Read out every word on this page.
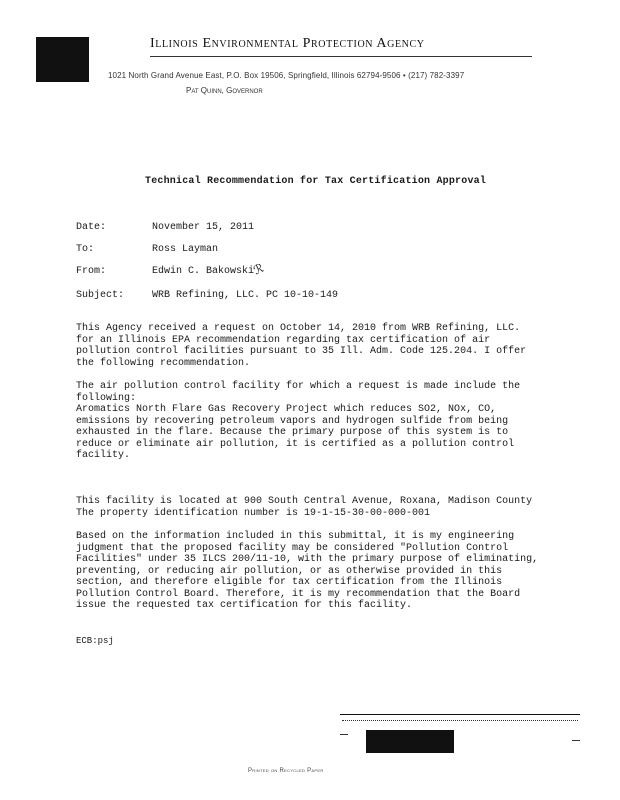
Illinois Environmental Protection Agency
1021 North Grand Avenue East, P.O. Box 19506, Springfield, Illinois 62794-9506 • (217) 782-3397
Pat Quinn, Governor
Technical Recommendation for Tax Certification Approval
Date:	November 15, 2011
To:	Ross Layman
From:	Edwin C. Bakowski
ℛ
Subject:	WRB Refining, LLC. PC 10-10-149
This Agency received a request on October 14, 2010 from WRB Refining, LLC.
for an Illinois EPA recommendation regarding tax certification of air
pollution control facilities pursuant to 35 Ill. Adm. Code 125.204. I offer
the following recommendation.
The air pollution control facility for which a request is made include the following:
Aromatics North Flare Gas Recovery Project which reduces SO2, NOx, CO,
emissions by recovering petroleum vapors and hydrogen sulfide from being
exhausted in the flare. Because the primary purpose of this system is to
reduce or eliminate air pollution, it is certified as a pollution control
facility.
This facility is located at 900 South Central Avenue, Roxana, Madison County
The property identification number is 19-1-15-30-00-000-001
Based on the information included in this submittal, it is my engineering
judgment that the proposed facility may be considered "Pollution Control
Facilities" under 35 ILCS 200/11-10, with the primary purpose of eliminating,
preventing, or reducing air pollution, or as otherwise provided in this
section, and therefore eligible for tax certification from the Illinois
Pollution Control Board. Therefore, it is my recommendation that the Board
issue the requested tax certification for this facility.
ECB:psj
Printed on Recycled Paper
